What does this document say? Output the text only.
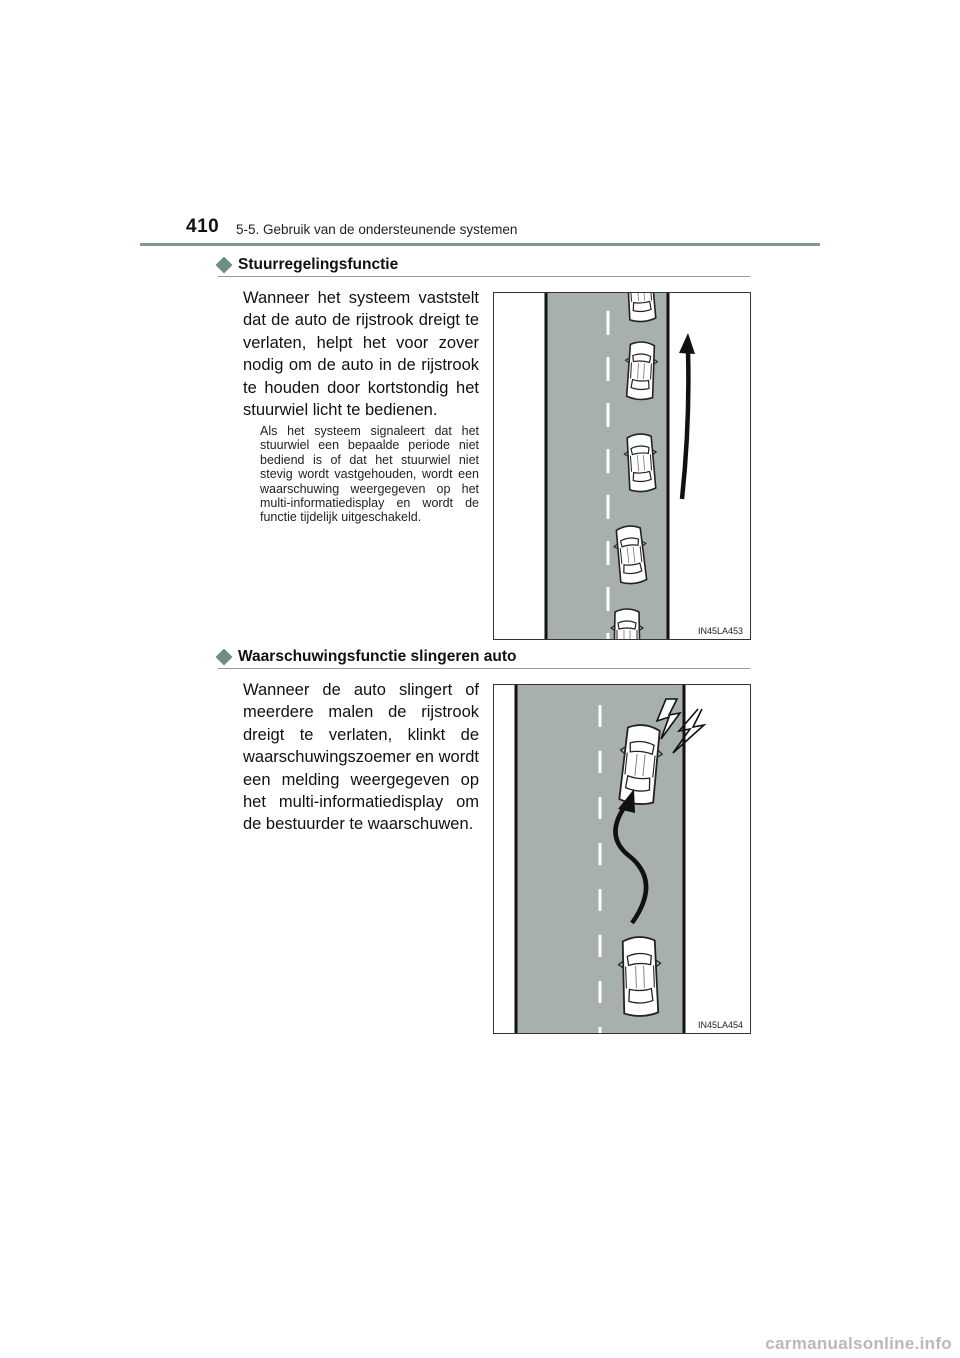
410 5-5. Gebruik van de ondersteunende systemen
Stuurregelingsfunctie
Wanneer het systeem vaststelt dat de auto de rijstrook dreigt te verlaten, helpt het voor zover nodig om de auto in de rijstrook te houden door kortstondig het stuurwiel licht te bedienen.
Als het systeem signaleert dat het stuurwiel een bepaalde periode niet bediend is of dat het stuurwiel niet stevig wordt vastgehouden, wordt een waarschuwing weergegeven op het multi-informatiedisplay en wordt de functie tijdelijk uitgeschakeld.
IN45LA453
Waarschuwingsfunctie slingeren auto
Wanneer de auto slingert of meerdere malen de rijstrook dreigt te verlaten, klinkt de waarschuwingszoemer en wordt een melding weergegeven op het multi-informatiedisplay om de bestuurder te waarschuwen.
IN45LA454
carmanualsonline.info
